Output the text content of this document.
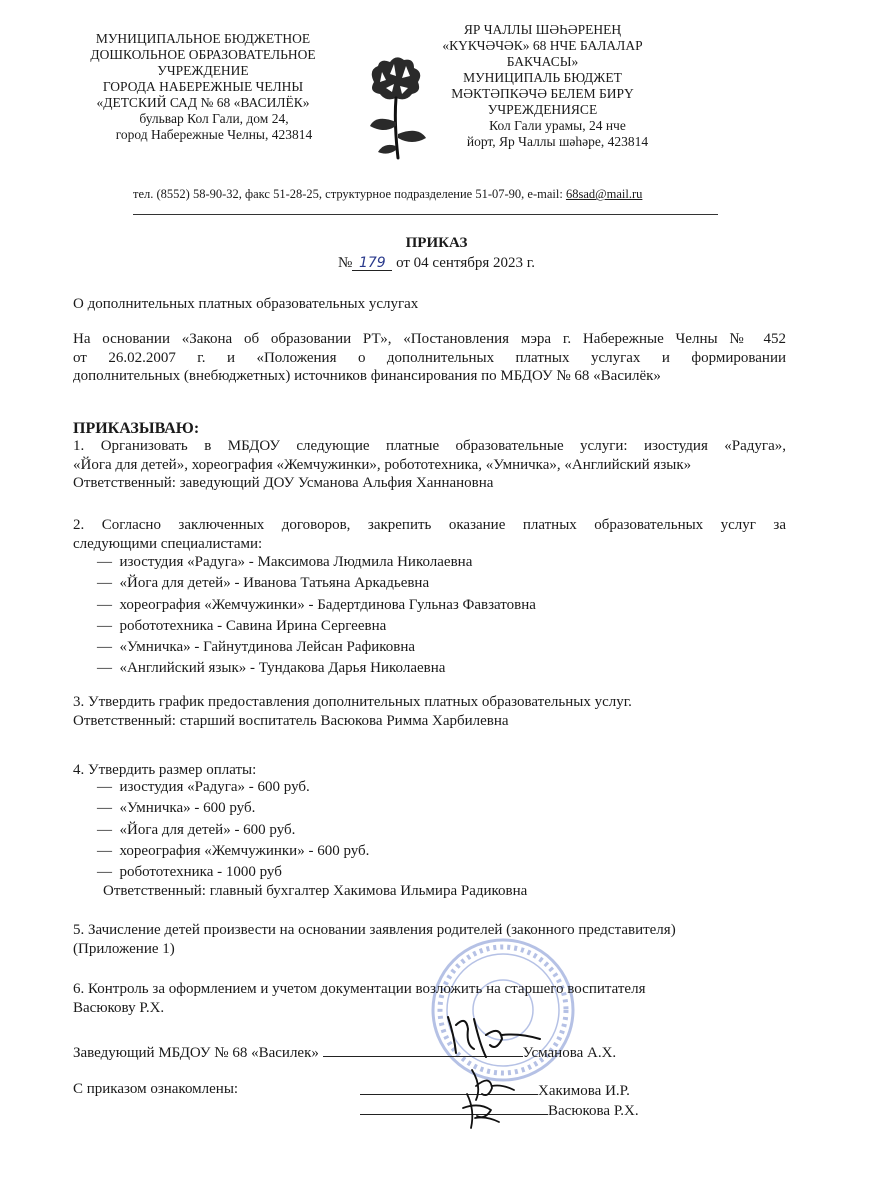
МУНИЦИПАЛЬНОЕ БЮДЖЕТНОЕ
ДОШКОЛЬНОЕ ОБРАЗОВАТЕЛЬНОЕ
УЧРЕЖДЕНИЕ
ГОРОДА НАБЕРЕЖНЫЕ ЧЕЛНЫ
«ДЕТСКИЙ САД № 68 «ВАСИЛЁК»
бульвар Кол Гали, дом 24,
город Набережные Челны, 423814
ЯР ЧАЛЛЫ ШӘҺӘРЕНЕҢ
«КҮКЧӘЧӘК» 68 НЧЕ БАЛАЛАР
БАКЧАСЫ»
МУНИЦИПАЛЬ БЮДЖЕТ
МӘКТӘПКӘЧӘ БЕЛЕМ БИРҮ
УЧРЕЖДЕНИЯСЕ
Кол Гали урамы, 24 нче
йорт, Яр Чаллы шәһәре, 423814
тел. (8552) 58-90-32, факс 51-28-25, структурное подразделение 51-07-90, e-mail: 68sad@mail.ru
ПРИКАЗ
№ 179 от 04 сентября 2023 г.
О дополнительных платных образовательных услугах
На основании «Закона об образовании РТ», «Постановления мэра г. Набережные Челны № 452
от 26.02.2007 г. и «Положения о дополнительных платных услугах и формировании
дополнительных (внебюджетных) источников финансирования по МБДОУ № 68 «Василёк»
ПРИКАЗЫВАЮ:
1. Организовать в МБДОУ следующие платные образовательные услуги: изостудия «Радуга»,
«Йога для детей», хореография «Жемчужинки», робототехника, «Умничка», «Английский язык»
Ответственный: заведующий ДОУ Усманова Альфия Ханнановна
2. Согласно заключенных договоров, закрепить оказание платных образовательных услуг за
следующими специалистами:
— изостудия «Радуга» - Максимова Людмила Николаевна
— «Йога для детей» - Иванова Татьяна Аркадьевна
— хореография «Жемчужинки» - Бадертдинова Гульназ Фавзатовна
— робототехника - Савина Ирина Сергеевна
— «Умничка» - Гайнутдинова Лейсан Рафиковна
— «Английский язык» - Тундакова Дарья Николаевна
3. Утвердить график предоставления дополнительных платных образовательных услуг.
Ответственный: старший воспитатель Васюкова Римма Харбилевна
4. Утвердить размер оплаты:
— изостудия «Радуга» - 600 руб.
— «Умничка» - 600 руб.
— «Йога для детей» - 600 руб.
— хореография «Жемчужинки» - 600 руб.
— робототехника - 1000 руб
Ответственный: главный бухгалтер Хакимова Ильмира Радиковна
5. Зачисление детей произвести на основании заявления родителей (законного представителя)
(Приложение 1)
6. Контроль за оформлением и учетом документации возложить на старшего воспитателя
Васюкову Р.Х.
Заведующий МБДОУ № 68 «Василек»	Усманова А.Х.
С приказом ознакомлены:	Хакимова И.Р.
Васюкова Р.Х.
